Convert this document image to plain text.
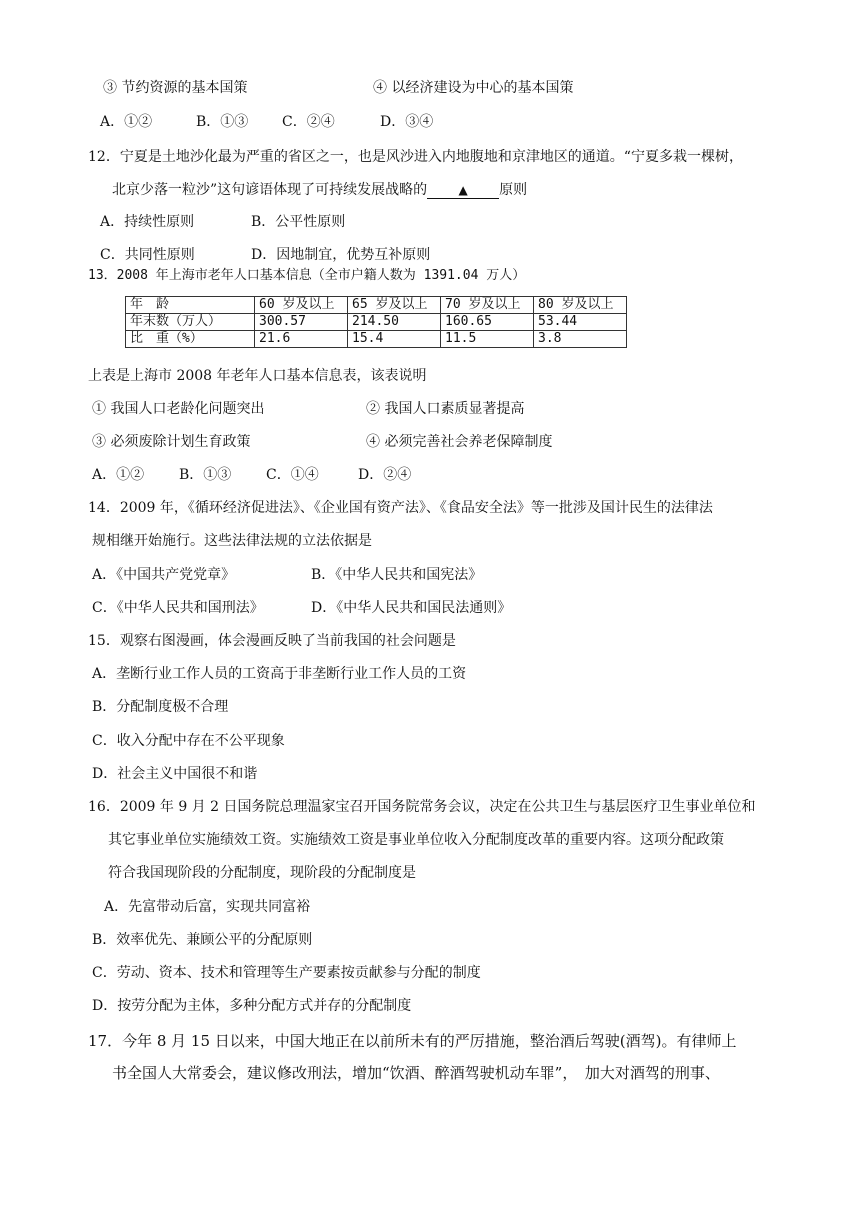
③ 节约资源的基本国策	④ 以经济建设为中心的基本国策
A．①②	B．①③ C．②④	D．③④
12．宁夏是土地沙化最为严重的省区之一，也是风沙进入内地腹地和京津地区的通道。“宁夏多栽一棵树，
北京少落一粒沙”这句谚语体现了可持续发展战略的	▲ 原则
A．持续性原则	B．公平性原则
C．共同性原则	D．因地制宜，优势互补原则
13．2008 年上海市老年人口基本信息（全市户籍人数为 1391.04 万人）
年　龄	60 岁及以上	65 岁及以上	70 岁及以上	80 岁及以上
年末数（万人）	300.57	214.50	160.65	53.44
比　重（%）	21.6	15.4	11.5	3.8
上表是上海市 2008 年老年人口基本信息表，该表说明
① 我国人口老龄化问题突出	② 我国人口素质显著提高
③ 必须废除计划生育政策	④ 必须完善社会养老保障制度
A．①② B．①③ C．①④	D．②④
14．2009 年，《循环经济促进法》、《企业国有资产法》、《食品安全法》等一批涉及国计民生的法律法
规相继开始施行。这些法律法规的立法依据是
A．《中国共产党党章》	B．《中华人民共和国宪法》
C．《中华人民共和国刑法》	D．《中华人民共和国民法通则》
15．观察右图漫画，体会漫画反映了当前我国的社会问题是
A．垄断行业工作人员的工资高于非垄断行业工作人员的工资
B．分配制度极不合理
C．收入分配中存在不公平现象
D．社会主义中国很不和谐
16．2009 年 9 月 2 日国务院总理温家宝召开国务院常务会议，决定在公共卫生与基层医疗卫生事业单位和
其它事业单位实施绩效工资。实施绩效工资是事业单位收入分配制度改革的重要内容。这项分配政策
符合我国现阶段的分配制度，现阶段的分配制度是
A．先富带动后富，实现共同富裕
B．效率优先、兼顾公平的分配原则
C．劳动、资本、技术和管理等生产要素按贡献参与分配的制度
D．按劳分配为主体，多种分配方式并存的分配制度
17．今年 8 月 15 日以来，中国大地正在以前所未有的严厉措施，整治酒后驾驶(酒驾)。有律师上
书全国人大常委会，建议修改刑法，增加“饮酒、醉酒驾驶机动车罪”，　加大对酒驾的刑事、
